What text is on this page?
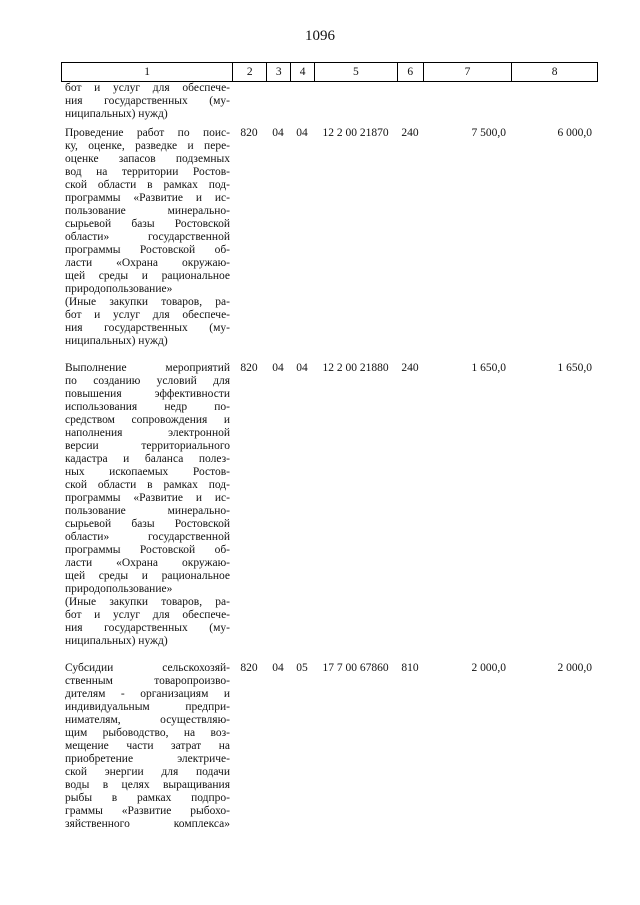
1096
1	2	3	4	5	6	7	8
бот и услуг для обеспече-
ния государственных (му-
ниципальных) нужд)
Проведение работ по поис-
ку, оценке, разведке и пере-
оценке запасов подземных
вод на территории Ростов-
ской области в рамках под-
программы «Развитие и ис-
пользование минерально-
сырьевой базы Ростовской
области» государственной
программы Ростовской об-
ласти «Охрана окружаю-
щей среды и рациональное
природопользование»
(Иные закупки товаров, ра-
бот и услуг для обеспече-
ния государственных (му-
ниципальных) нужд)
820	04	04	12 2 00 21870	240	7 500,0	6 000,0
Выполнение мероприятий
по созданию условий для
повышения эффективности
использования недр по-
средством сопровождения и
наполнения электронной
версии территориального
кадастра и баланса полез-
ных ископаемых Ростов-
ской области в рамках под-
программы «Развитие и ис-
пользование минерально-
сырьевой базы Ростовской
области» государственной
программы Ростовской об-
ласти «Охрана окружаю-
щей среды и рациональное
природопользование»
(Иные закупки товаров, ра-
бот и услуг для обеспече-
ния государственных (му-
ниципальных) нужд)
820	04	04	12 2 00 21880	240	1 650,0	1 650,0
Субсидии сельскохозяй-
ственным товаропроизво-
дителям - организациям и
индивидуальным предпри-
нимателям, осуществляю-
щим рыбоводство, на воз-
мещение части затрат на
приобретение электриче-
ской энергии для подачи
воды в целях выращивания
рыбы в рамках подпро-
граммы «Развитие рыбохо-
зяйственного комплекса»
820	04	05	17 7 00 67860	810	2 000,0	2 000,0
